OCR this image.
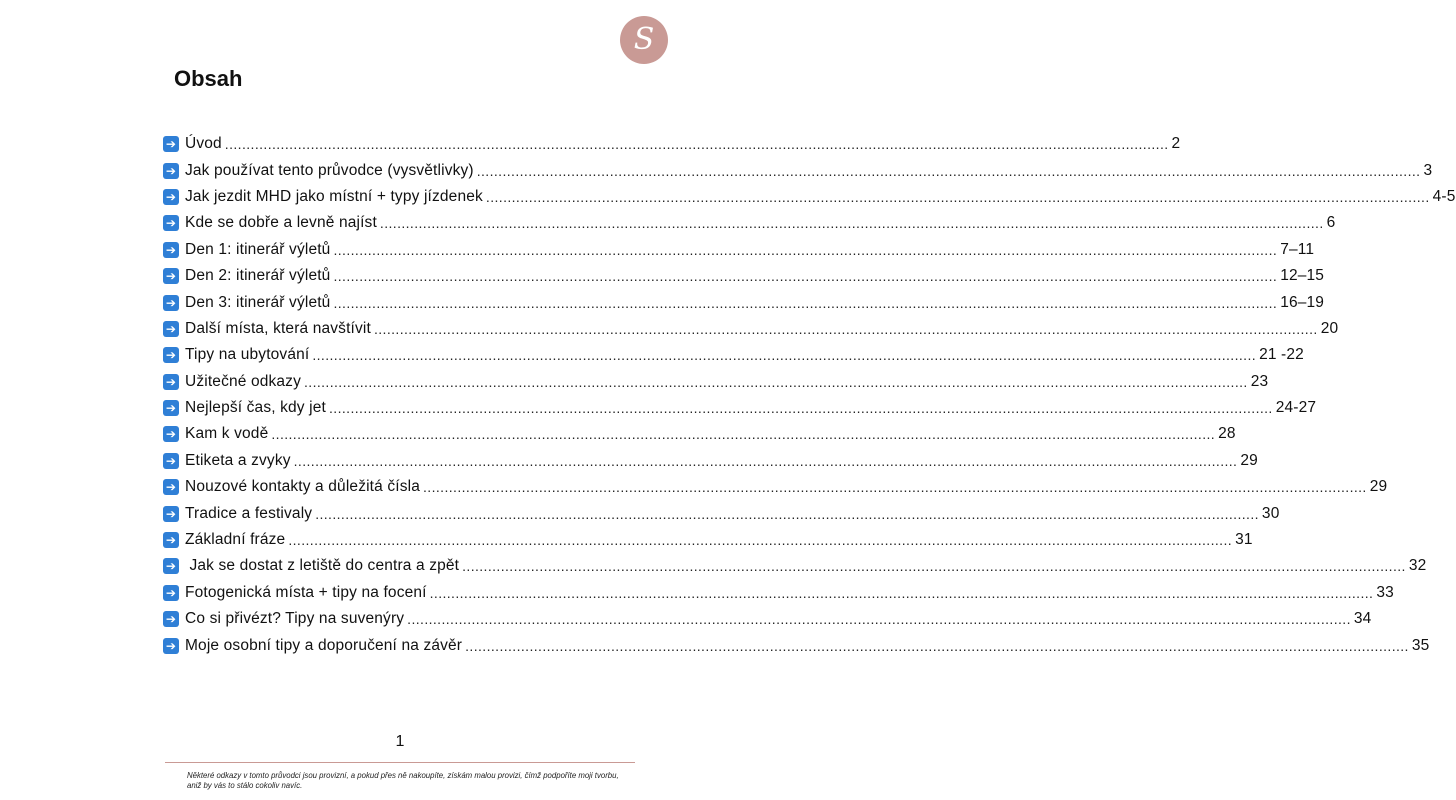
S
Obsah
➔ Úvod ............................................................................................................................................................................................................................ 2
➔ Jak používat tento průvodce (vysvětlivky) ............................................................................................................................................................................................................................ 3
➔ Jak jezdit MHD jako místní + typy jízdenek ............................................................................................................................................................................................................................ 4-5
➔ Kde se dobře a levně najíst ............................................................................................................................................................................................................................ 6
➔ Den 1: itinerář výletů ............................................................................................................................................................................................................................ 7–11
➔ Den 2: itinerář výletů ............................................................................................................................................................................................................................ 12–15
➔ Den 3: itinerář výletů ............................................................................................................................................................................................................................ 16–19
➔ Další místa, která navštívit ............................................................................................................................................................................................................................ 20
➔ Tipy na ubytování ............................................................................................................................................................................................................................ 21 -22
➔ Užitečné odkazy ............................................................................................................................................................................................................................ 23
➔ Nejlepší čas, kdy jet ............................................................................................................................................................................................................................ 24-27
➔ Kam k vodě ............................................................................................................................................................................................................................ 28
➔ Etiketa a zvyky ............................................................................................................................................................................................................................ 29
➔ Nouzové kontakty a důležitá čísla ............................................................................................................................................................................................................................ 29
➔ Tradice a festivaly ............................................................................................................................................................................................................................ 30
➔ Základní fráze ............................................................................................................................................................................................................................ 31
➔ Jak se dostat z letiště do centra a zpět ............................................................................................................................................................................................................................ 32
➔ Fotogenická místa + tipy na focení ............................................................................................................................................................................................................................ 33
➔ Co si přivézt? Tipy na suvenýry ............................................................................................................................................................................................................................ 34
➔ Moje osobní tipy a doporučení na závěr ............................................................................................................................................................................................................................ 35
1
Některé odkazy v tomto průvodci jsou provizní, a pokud přes ně nakoupíte, získám malou provizi, čímž podpoříte moji tvorbu, aniž by vás to stálo cokoliv navíc.
